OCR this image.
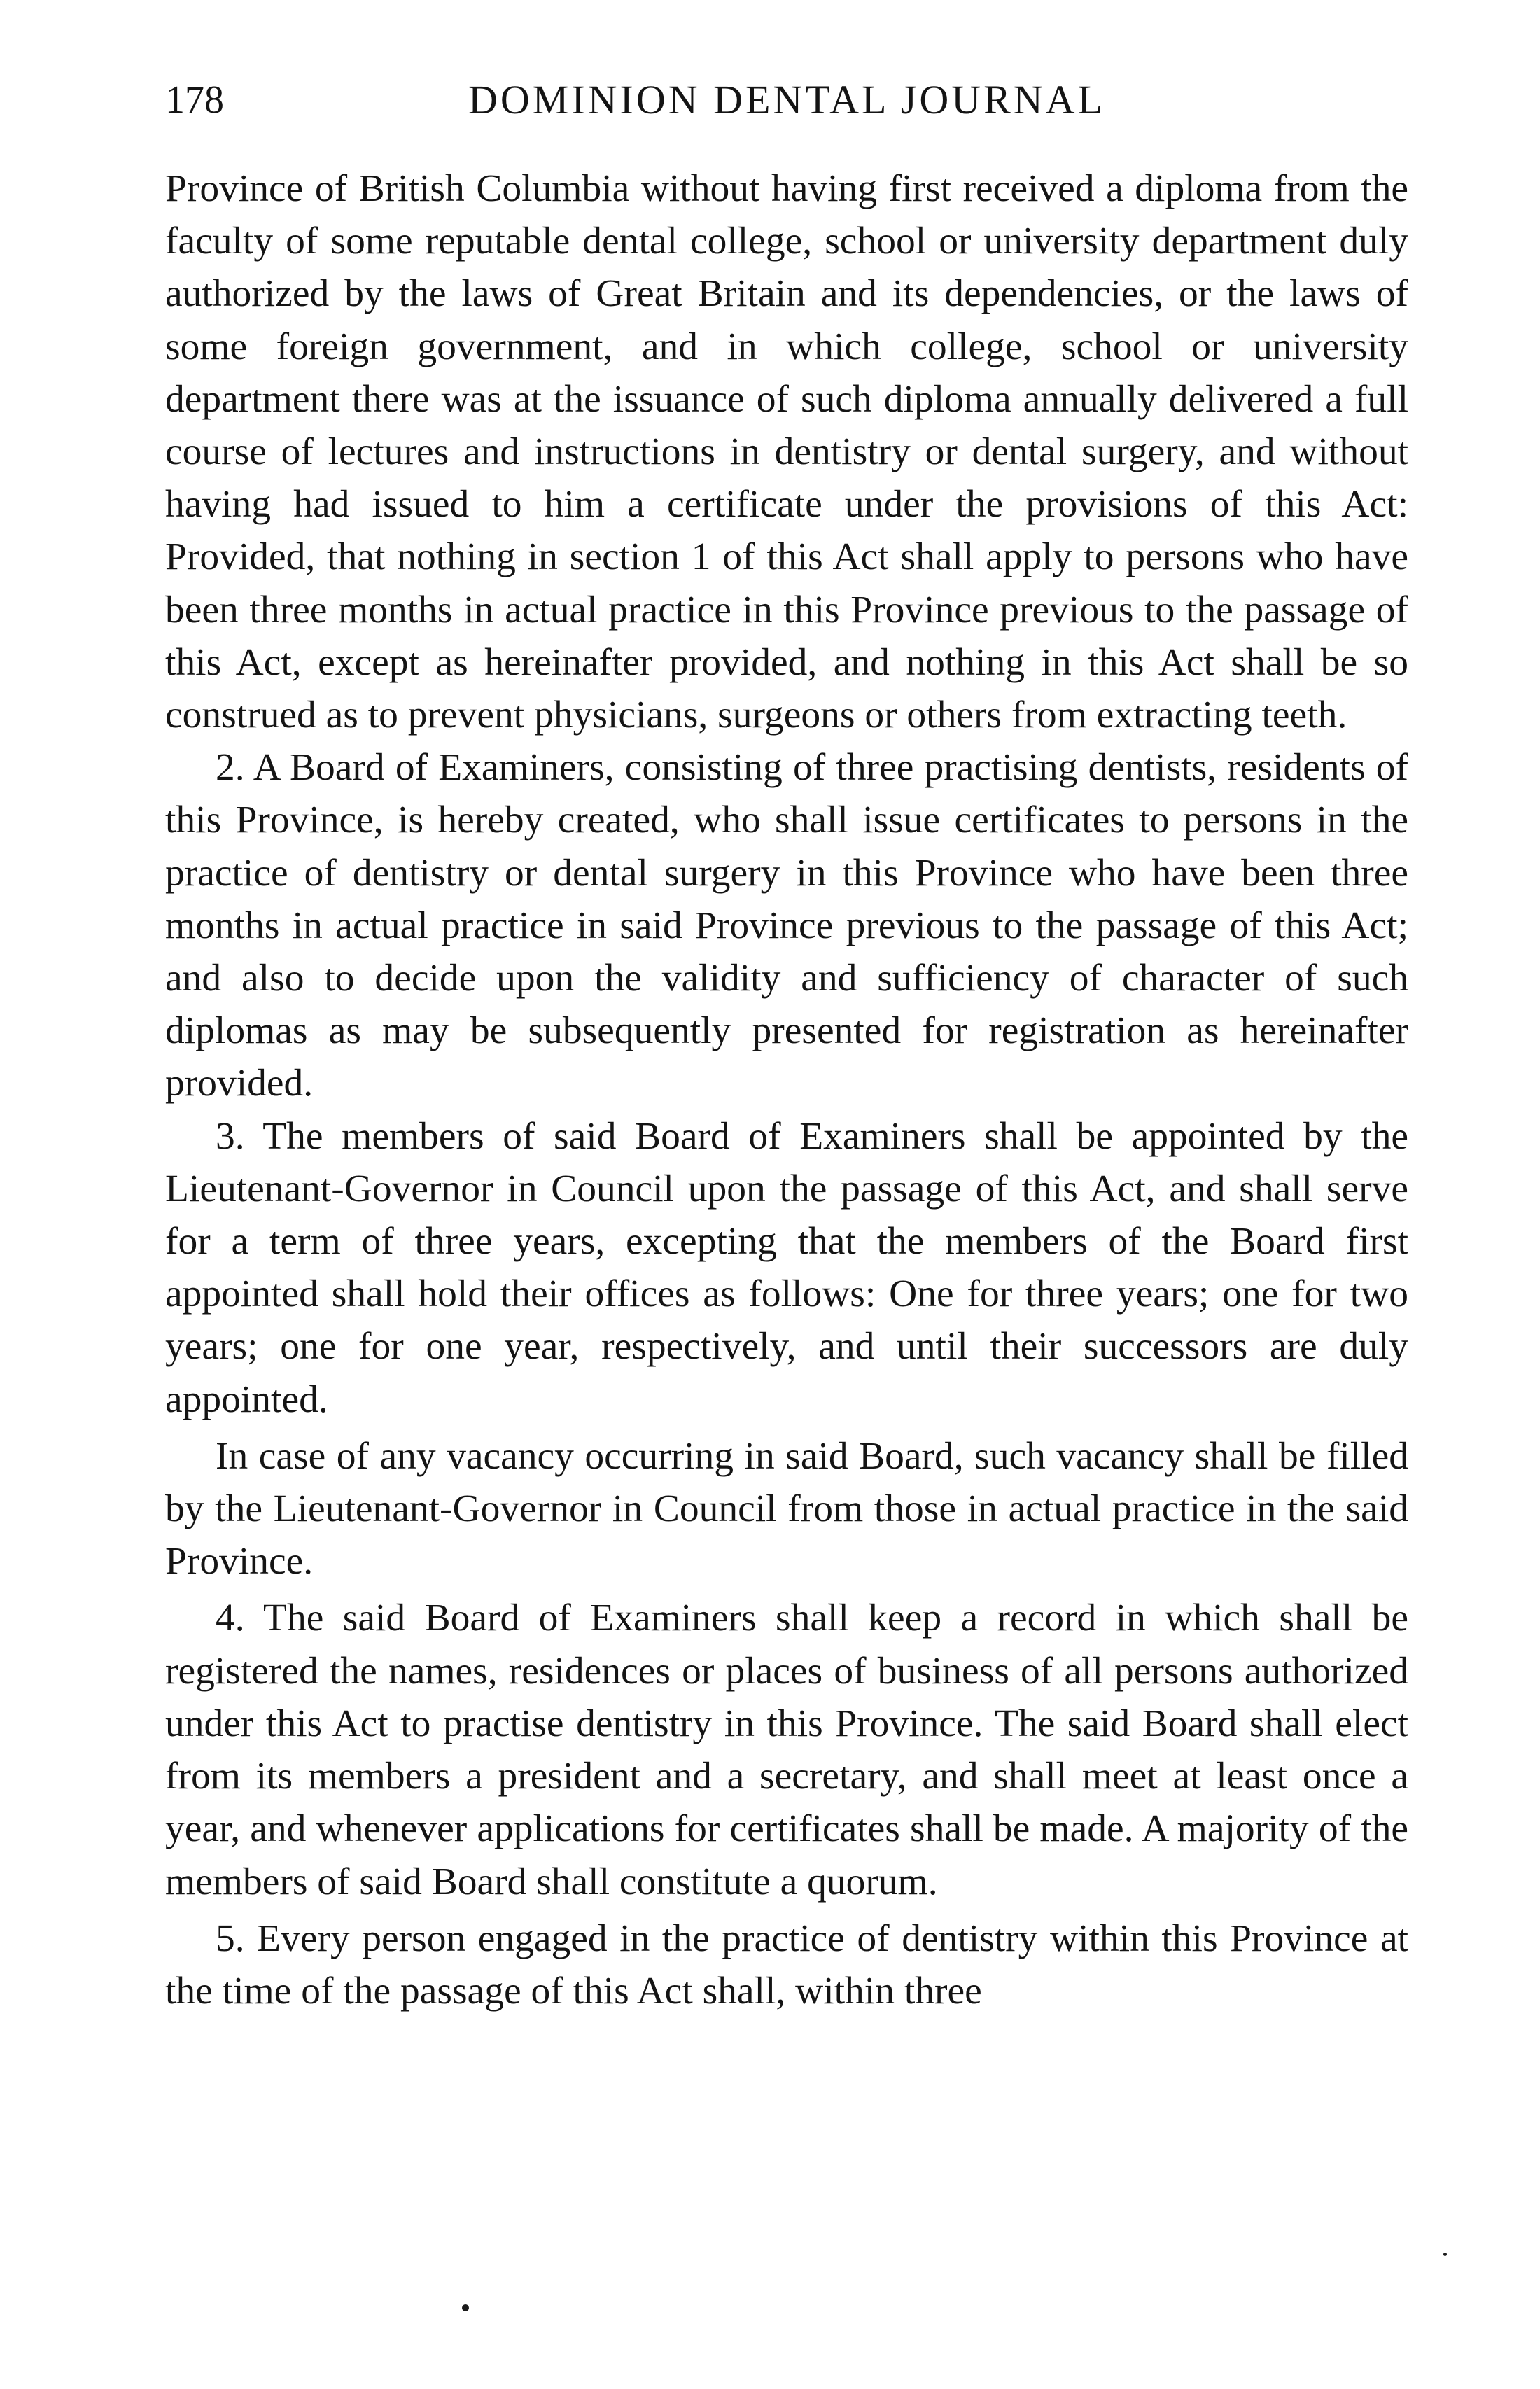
178	DOMINION DENTAL JOURNAL

Province of British Columbia without having first received a diploma from the faculty of some reputable dental college, school or university department duly authorized by the laws of Great Britain and its dependencies, or the laws of some foreign government, and in which college, school or university department there was at the issuance of such diploma annually delivered a full course of lectures and instructions in dentistry or dental surgery, and without having had issued to him a certificate under the provisions of this Act: Provided, that nothing in section 1 of this Act shall apply to persons who have been three months in actual practice in this Province previous to the passage of this Act, except as hereinafter provided, and nothing in this Act shall be so construed as to prevent physicians, surgeons or others from extracting teeth.

2. A Board of Examiners, consisting of three practising dentists, residents of this Province, is hereby created, who shall issue certificates to persons in the practice of dentistry or dental surgery in this Province who have been three months in actual practice in said Province previous to the passage of this Act; and also to decide upon the validity and sufficiency of character of such diplomas as may be subsequently presented for registration as hereinafter provided.

3. The members of said Board of Examiners shall be appointed by the Lieutenant-Governor in Council upon the passage of this Act, and shall serve for a term of three years, excepting that the members of the Board first appointed shall hold their offices as follows: One for three years; one for two years; one for one year, respectively, and until their successors are duly appointed.

In case of any vacancy occurring in said Board, such vacancy shall be filled by the Lieutenant-Governor in Council from those in actual practice in the said Province.

4. The said Board of Examiners shall keep a record in which shall be registered the names, residences or places of business of all persons authorized under this Act to practise dentistry in this Province. The said Board shall elect from its members a president and a secretary, and shall meet at least once a year, and whenever applications for certificates shall be made. A majority of the members of said Board shall constitute a quorum.

5. Every person engaged in the practice of dentistry within this Province at the time of the passage of this Act shall, within three
